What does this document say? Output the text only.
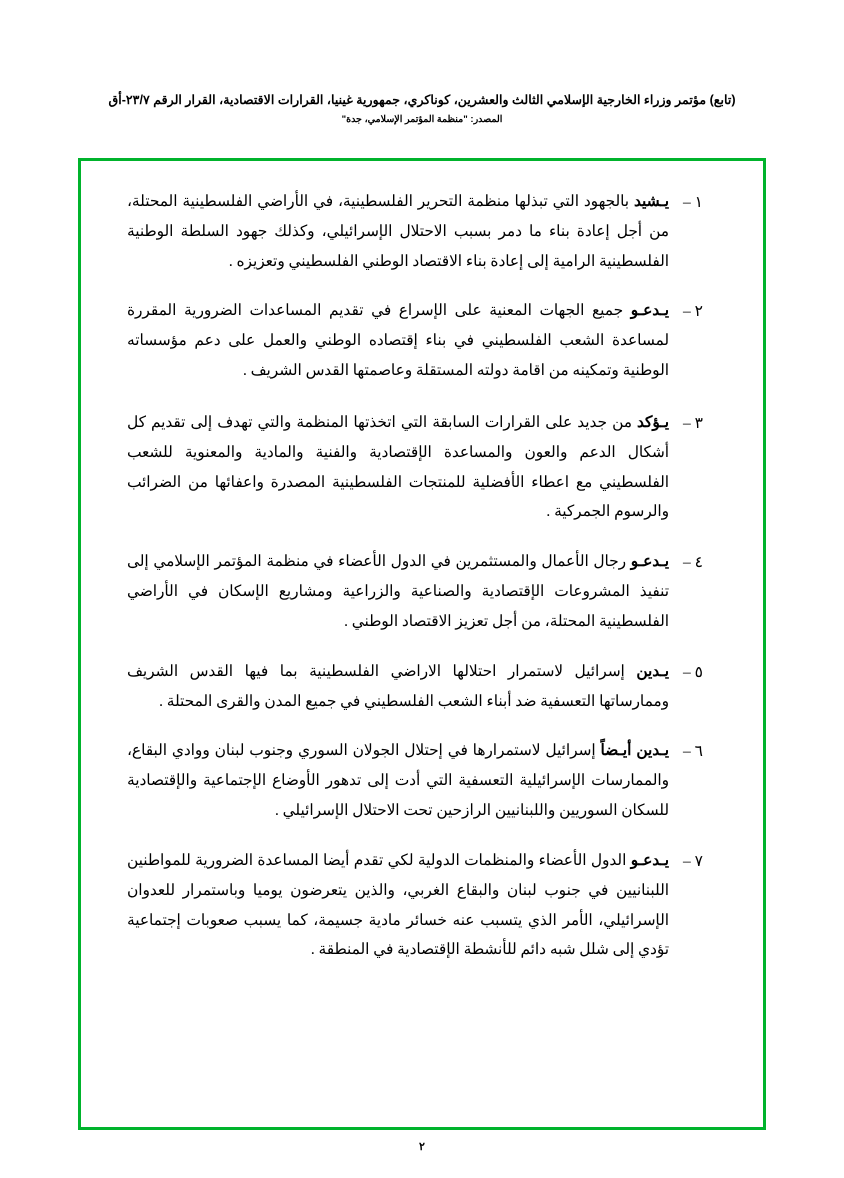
(تابع) مؤتمر وزراء الخارجية الإسلامي الثالث والعشرين، كوناكري، جمهورية غينيا، القرارات الاقتصادية، القرار الرقم ٢٣/٧-أق
المصدر: "منظمة المؤتمر الإسلامي، جدة"
١ –
يـشيد بالجهود التي تبذلها منظمة التحرير الفلسطينية، في الأراضي الفلسطينية المحتلة، من أجل إعادة بناء ما دمر بسبب الاحتلال الإسرائيلي، وكذلك جهود السلطة الوطنية الفلسطينية الرامية إلى إعادة بناء الاقتصاد الوطني الفلسطيني وتعزيزه .
٢ –
يـدعـو جميع الجهات المعنية على الإسراع في تقديم المساعدات الضرورية المقررة لمساعدة الشعب الفلسطيني في بناء إقتصاده الوطني والعمل على دعم مؤسساته الوطنية وتمكينه من اقامة دولته المستقلة وعاصمتها القدس الشريف .
٣ –
يـؤكد من جديد على القرارات السابقة التي اتخذتها المنظمة والتي تهدف إلى تقديم كل أشكال الدعم والعون والمساعدة الإقتصادية والفنية والمادية والمعنوية للشعب الفلسطيني مع اعطاء الأفضلية للمنتجات الفلسطينية المصدرة واعفائها من الضرائب والرسوم الجمركية .
٤ –
يـدعـو رجال الأعمال والمستثمرين في الدول الأعضاء في منظمة المؤتمر الإسلامي إلى تنفيذ المشروعات الإقتصادية والصناعية والزراعية ومشاريع الإسكان في الأراضي الفلسطينية المحتلة، من أجل تعزيز الاقتصاد الوطني .
٥ –
يـدين إسرائيل لاستمرار احتلالها الاراضي الفلسطينية بما فيها القدس الشريف وممارساتها التعسفية ضد أبناء الشعب الفلسطيني في جميع المدن والقرى المحتلة .
٦ –
يـدين أيـضاً إسرائيل لاستمرارها في إحتلال الجولان السوري وجنوب لبنان ووادي البقاع، والممارسات الإسرائيلية التعسفية التي أدت إلى تدهور الأوضاع الإجتماعية والإقتصادية للسكان السوريين واللبنانيين الرازحين تحت الاحتلال الإسرائيلي .
٧ –
يـدعـو الدول الأعضاء والمنظمات الدولية لكي تقدم أيضا المساعدة الضرورية للمواطنين اللبنانيين في جنوب لبنان والبقاع الغربي، والذين يتعرضون يوميا وباستمرار للعدوان الإسرائيلي، الأمر الذي يتسبب عنه خسائر مادية جسيمة، كما يسبب صعوبات إجتماعية تؤدي إلى شلل شبه دائم للأنشطة الإقتصادية في المنطقة .
٢
